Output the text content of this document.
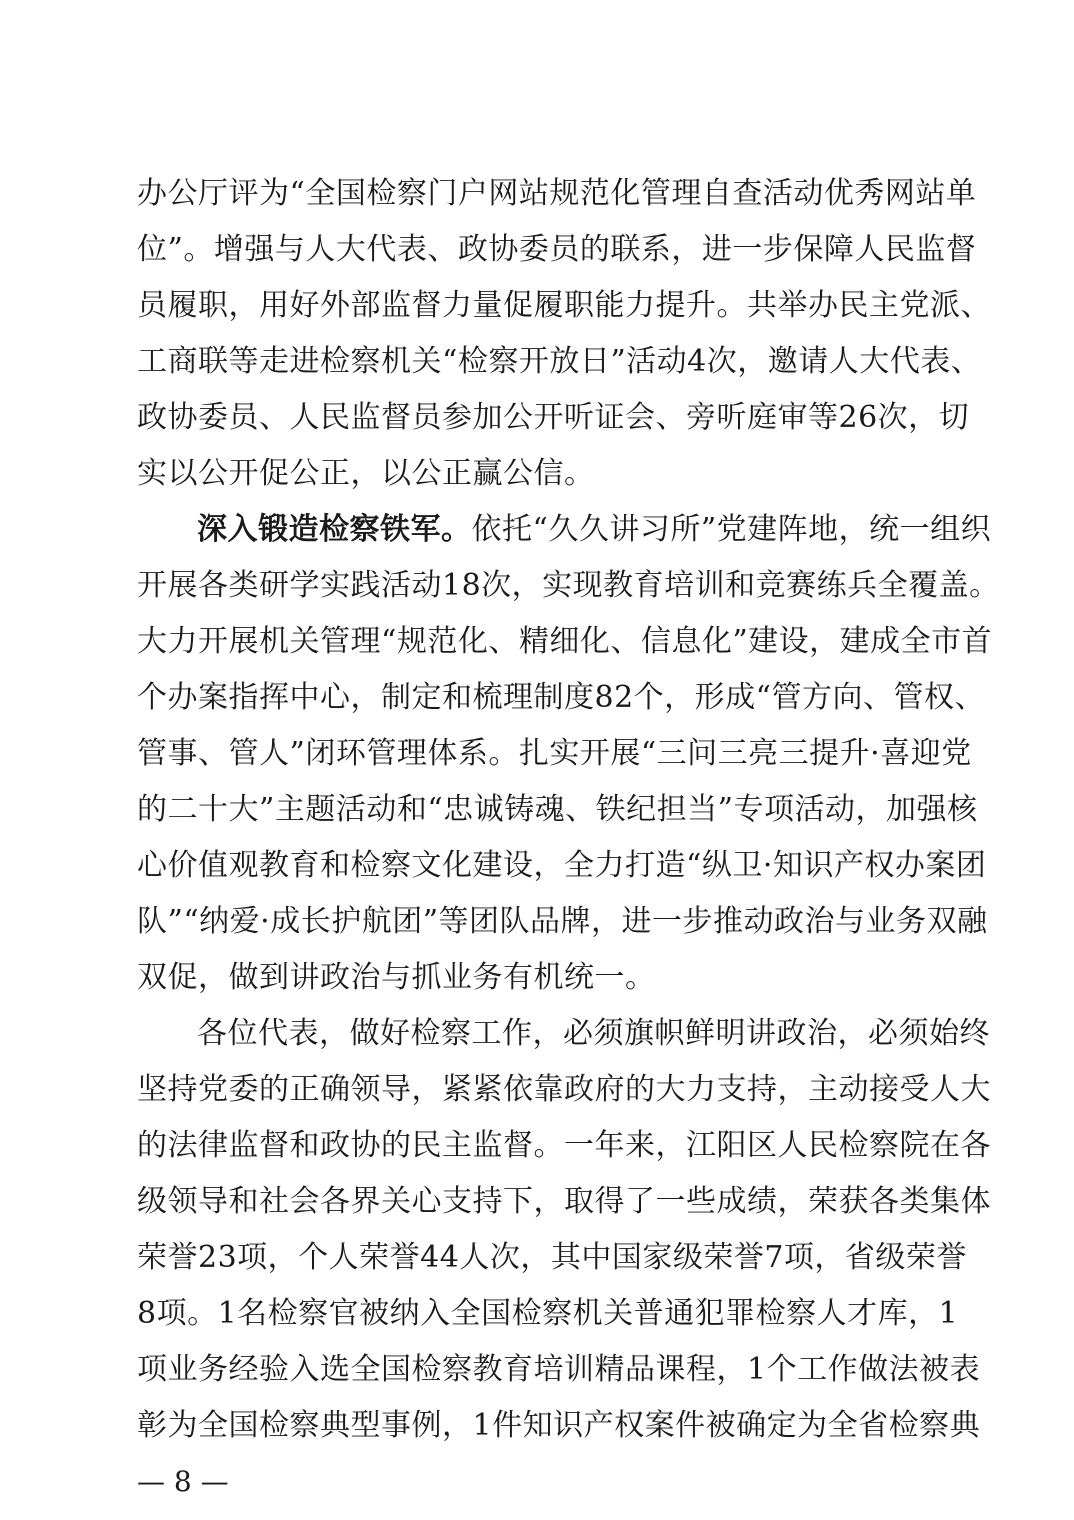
办公厅评为“全国检察门户网站规范化管理自查活动优秀网站单
位”。增强与人大代表、政协委员的联系，进一步保障人民监督
员履职，用好外部监督力量促履职能力提升。共举办民主党派、
工商联等走进检察机关“检察开放日”活动4次，邀请人大代表、
政协委员、人民监督员参加公开听证会、旁听庭审等26次，切
实以公开促公正，以公正赢公信。
深入锻造检察铁军。依托“久久讲习所”党建阵地，统一组织
开展各类研学实践活动18次，实现教育培训和竞赛练兵全覆盖。
大力开展机关管理“规范化、精细化、信息化”建设，建成全市首
个办案指挥中心，制定和梳理制度82个，形成“管方向、管权、
管事、管人”闭环管理体系。扎实开展“三问三亮三提升·喜迎党
的二十大”主题活动和“忠诚铸魂、铁纪担当”专项活动，加强核
心价值观教育和检察文化建设，全力打造“纵卫·知识产权办案团
队”“纳爱·成长护航团”等团队品牌，进一步推动政治与业务双融
双促，做到讲政治与抓业务有机统一。
各位代表，做好检察工作，必须旗帜鲜明讲政治，必须始终
坚持党委的正确领导，紧紧依靠政府的大力支持，主动接受人大
的法律监督和政协的民主监督。一年来，江阳区人民检察院在各
级领导和社会各界关心支持下，取得了一些成绩，荣获各类集体
荣誉23项，个人荣誉44人次，其中国家级荣誉7项，省级荣誉
8项。1名检察官被纳入全国检察机关普通犯罪检察人才库，1
项业务经验入选全国检察教育培训精品课程，1个工作做法被表
彰为全国检察典型事例，1件知识产权案件被确定为全省检察典
— 8 —
